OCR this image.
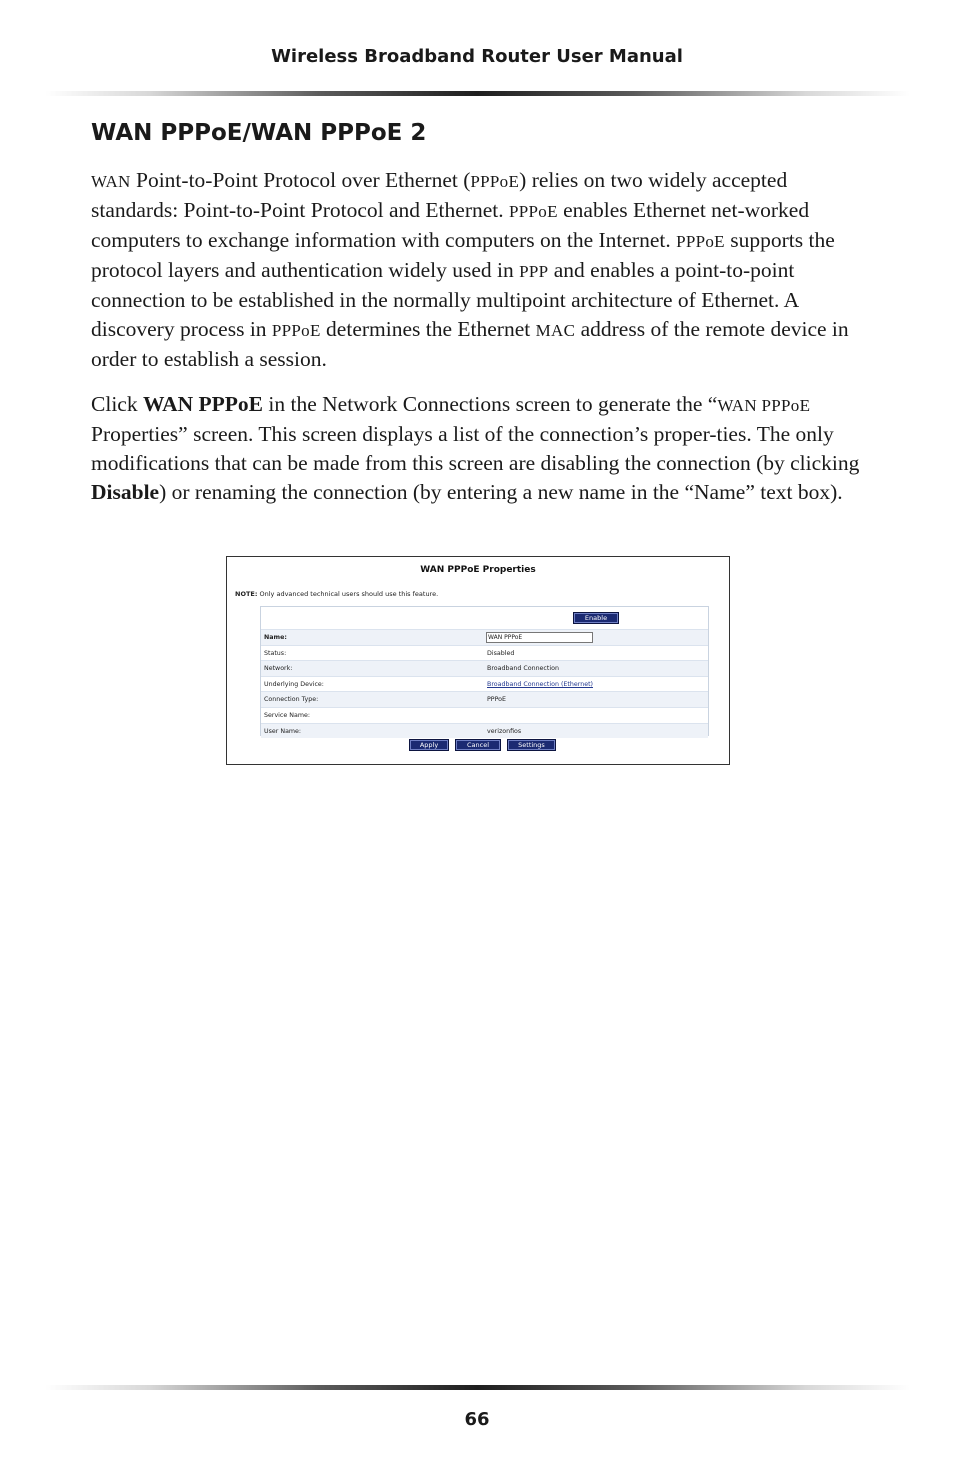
Wireless Broadband Router User Manual
WAN PPPoE/WAN PPPoE 2
WAN Point-to-Point Protocol over Ethernet (PPPoE) relies on two widely accepted standards: Point-to-Point Protocol and Ethernet. PPPoE enables Ethernet net-worked computers to exchange information with computers on the Internet. PPPoE supports the protocol layers and authentication widely used in PPP and enables a point-to-point connection to be established in the normally multipoint architecture of Ethernet. A discovery process in PPPoE determines the Ethernet MAC address of the remote device in order to establish a session.
Click WAN PPPoE in the Network Connections screen to generate the “WAN PPPoE Properties” screen. This screen displays a list of the connection’s proper-ties. The only modifications that can be made from this screen are disabling the connection (by clicking Disable) or renaming the connection (by entering a new name in the “Name” text box).
WAN PPPoE Properties
NOTE: Only advanced technical users should use this feature.
Enable
Name:	WAN PPPoE
Status:	Disabled
Network:	Broadband Connection
Underlying Device:	Broadband Connection (Ethernet)
Connection Type:	PPPoE
Service Name:
User Name:	verizonfios
Apply	Cancel	Settings
66
